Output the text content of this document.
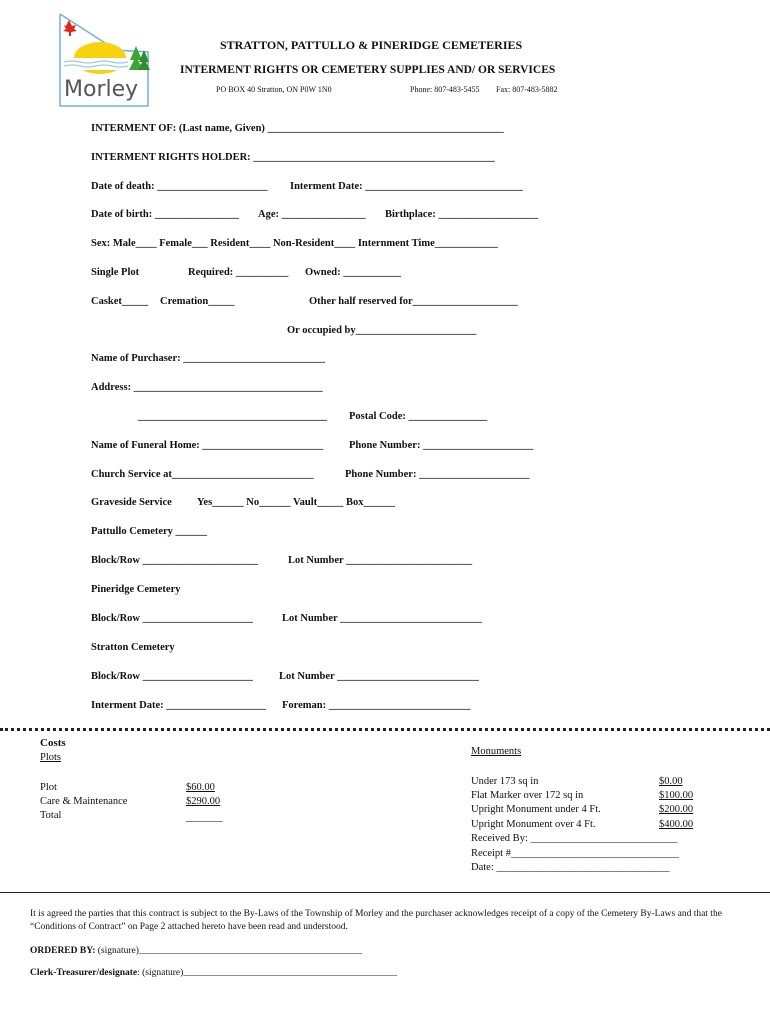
Morley
STRATTON, PATTULLO & PINERIDGE CEMETERIES
INTERMENT RIGHTS OR CEMETERY SUPPLIES AND/ OR SERVICES
PO BOX 40 Stratton, ON P0W 1N0	Phone: 807-483-5455 Fax: 807-483-5882
INTERMENT OF: (Last name, Given) _____________________________________________
INTERMENT RIGHTS HOLDER: ______________________________________________
Date of death: _____________________ Interment Date: ______________________________
Date of birth: ________________ Age: ________________ Birthplace: ___________________
Sex: Male____ Female___ Resident____ Non-Resident____ Internment Time____________
Single Plot	Required: __________ Owned: ___________
Casket_____ Cremation_____	Other half reserved for____________________
Or occupied by_______________________
Name of Purchaser: ___________________________
Address: ____________________________________
____________________________________ Postal Code: _______________
Name of Funeral Home: _______________________ Phone Number: _____________________
Church Service at___________________________	Phone Number: _____________________
Graveside Service Yes______ No______ Vault_____ Box______
Pattullo Cemetery ______
Block/Row ______________________	Lot Number ________________________
Pineridge Cemetery
Block/Row _____________________	Lot Number ___________________________
Stratton Cemetery
Block/Row _____________________ Lot Number ___________________________
Interment Date: ___________________ Foreman: ___________________________
Costs
Plots
Plot	$60.00
Care & Maintenance	$290.00
Total	_______
Monuments
Under 173 sq in	$0.00
Flat Marker over 172 sq in	$100.00
Upright Monument under 4 Ft.	$200.00
Upright Monument over 4 Ft.	$400.00
Received By: ____________________________
Receipt #________________________________
Date: _________________________________
It is agreed the parties that this contract is subject to the By-Laws of the Township of Morley and the purchaser acknowledges receipt of a copy of the Cemetery By-Laws and that the “Conditions of Contract” on Page 2 attached hereto have been read and understood.
ORDERED BY: (signature)_______________________________________________
Clerk-Treasurer/designate: (signature)_____________________________________________
